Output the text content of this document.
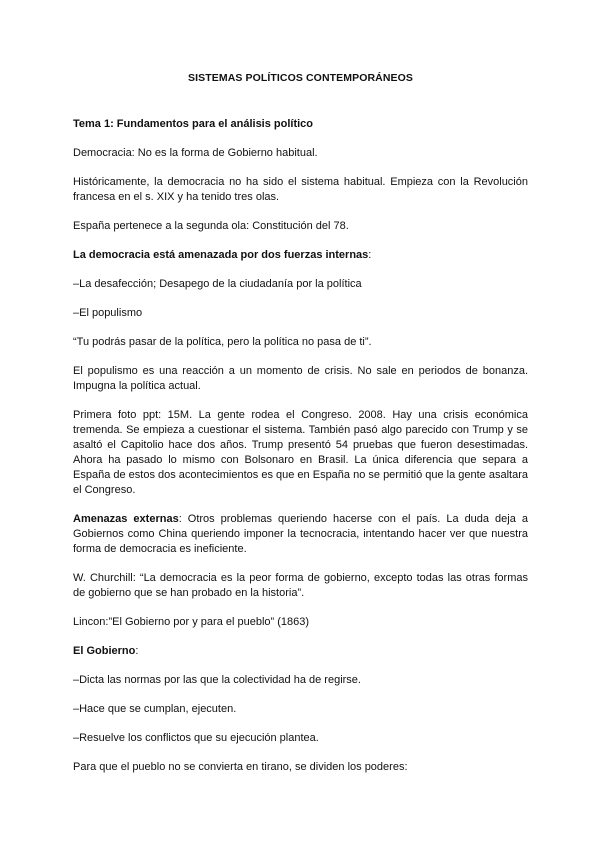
SISTEMAS POLÍTICOS CONTEMPORÁNEOS

Tema 1: Fundamentos para el análisis político

Democracia: No es la forma de Gobierno habitual.

Históricamente, la democracia no ha sido el sistema habitual. Empieza con la Revolución francesa en el s. XIX y ha tenido tres olas.

España pertenece a la segunda ola: Constitución del 78.

La democracia está amenazada por dos fuerzas internas:

–La desafección; Desapego de la ciudadanía por la política

–El populismo

“Tu podrás pasar de la política, pero la política no pasa de ti”.

El populismo es una reacción a un momento de crisis. No sale en periodos de bonanza. Impugna la política actual.

Primera foto ppt: 15M. La gente rodea el Congreso. 2008. Hay una crisis económica tremenda. Se empieza a cuestionar el sistema. También pasó algo parecido con Trump y se asaltó el Capitolio hace dos años. Trump presentó 54 pruebas que fueron desestimadas. Ahora ha pasado lo mismo con Bolsonaro en Brasil. La única diferencia que separa a España de estos dos acontecimientos es que en España no se permitió que la gente asaltara el Congreso.

Amenazas externas: Otros problemas queriendo hacerse con el país. La duda deja a Gobiernos como China queriendo imponer la tecnocracia, intentando hacer ver que nuestra forma de democracia es ineficiente.

W. Churchill: “La democracia es la peor forma de gobierno, excepto todas las otras formas de gobierno que se han probado en la historia”.

Lincon:”El Gobierno por y para el pueblo” (1863)

El Gobierno:

–Dicta las normas por las que la colectividad ha de regirse.

–Hace que se cumplan, ejecuten.

–Resuelve los conflictos que su ejecución plantea.

Para que el pueblo no se convierta en tirano, se dividen los poderes:
